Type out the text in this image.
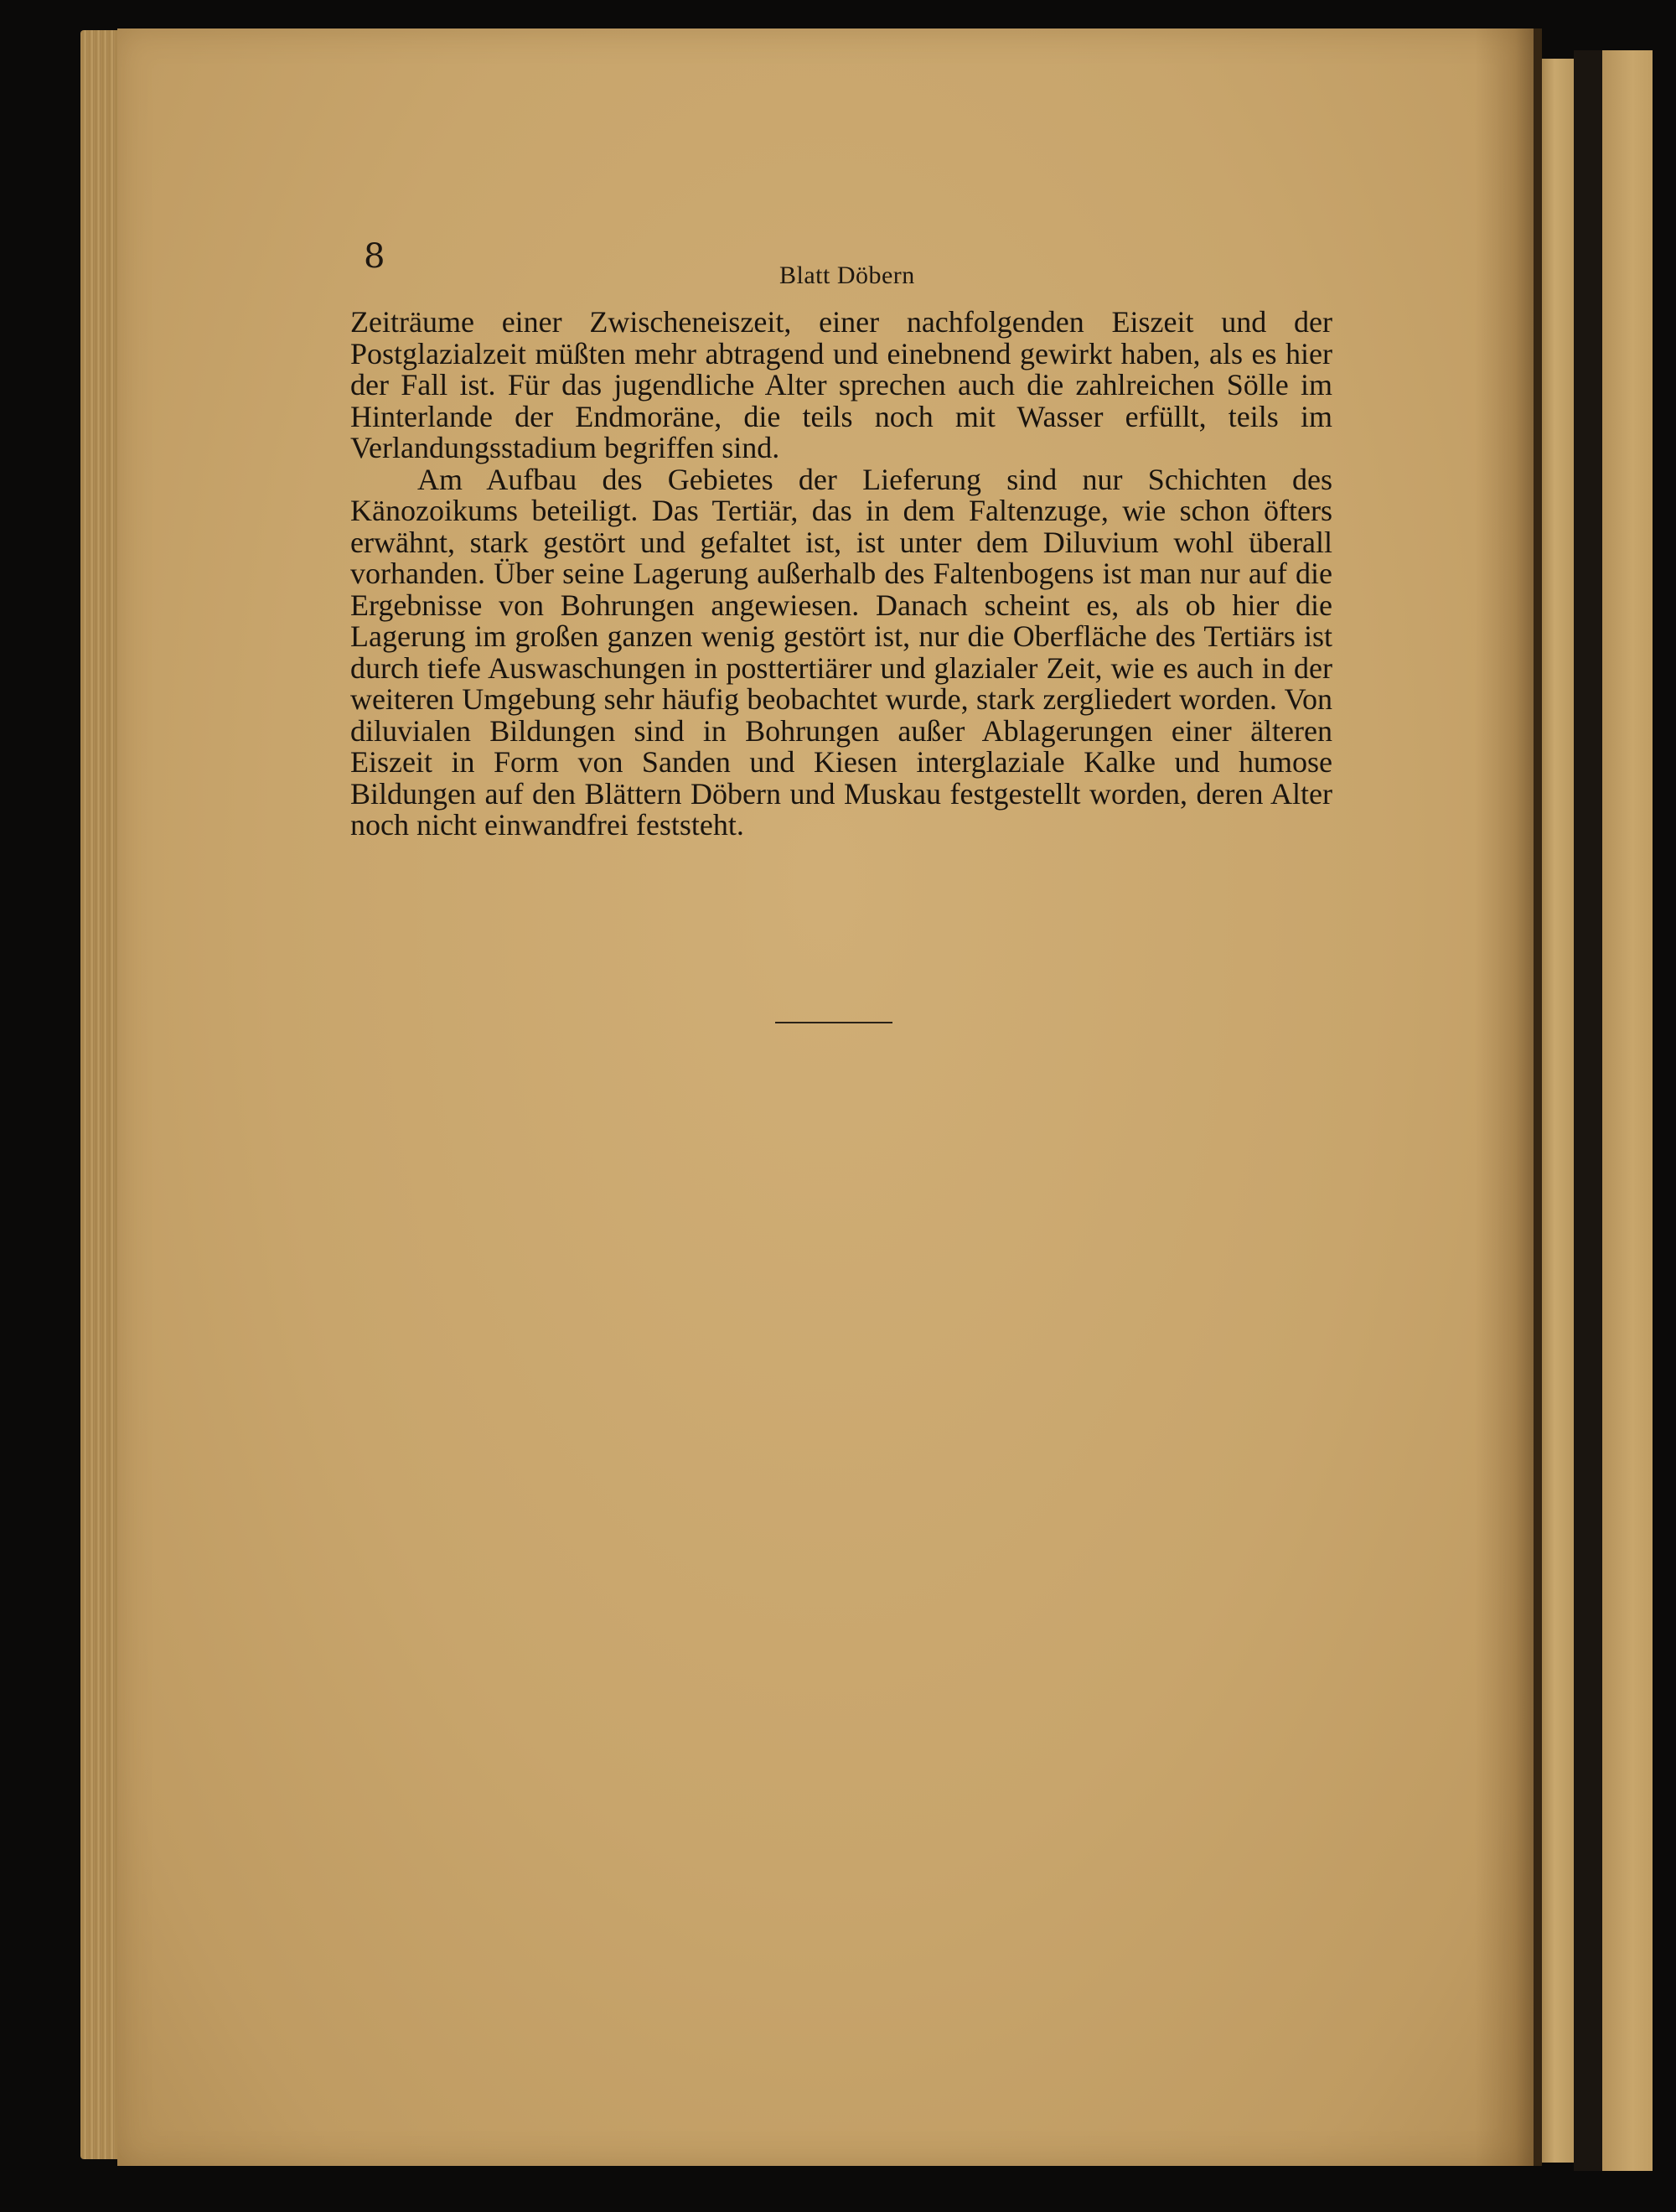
8	Blatt Döbern

Zeiträume einer Zwischeneiszeit, einer nachfolgenden Eiszeit und der Postglazialzeit müßten mehr abtragend und einebnend gewirkt haben, als es hier der Fall ist. Für das jugendliche Alter sprechen auch die zahlreichen Sölle im Hinterlande der Endmoräne, die teils noch mit Wasser erfüllt, teils im Verlandungsstadium begriffen sind.

Am Aufbau des Gebietes der Lieferung sind nur Schichten des Känozoikums beteiligt. Das Tertiär, das in dem Faltenzuge, wie schon öfters erwähnt, stark gestört und gefaltet ist, ist unter dem Diluvium wohl überall vorhanden. Über seine Lagerung außerhalb des Faltenbogens ist man nur auf die Ergebnisse von Bohrungen angewiesen. Danach scheint es, als ob hier die Lagerung im großen ganzen wenig gestört ist, nur die Oberfläche des Tertiärs ist durch tiefe Auswaschungen in posttertiärer und glazialer Zeit, wie es auch in der weiteren Umgebung sehr häufig beobachtet wurde, stark zergliedert worden. Von diluvialen Bildungen sind in Bohrungen außer Ablagerungen einer älteren Eiszeit in Form von Sanden und Kiesen interglaziale Kalke und humose Bildungen auf den Blättern Döbern und Muskau festgestellt worden, deren Alter noch nicht einwandfrei feststeht.
